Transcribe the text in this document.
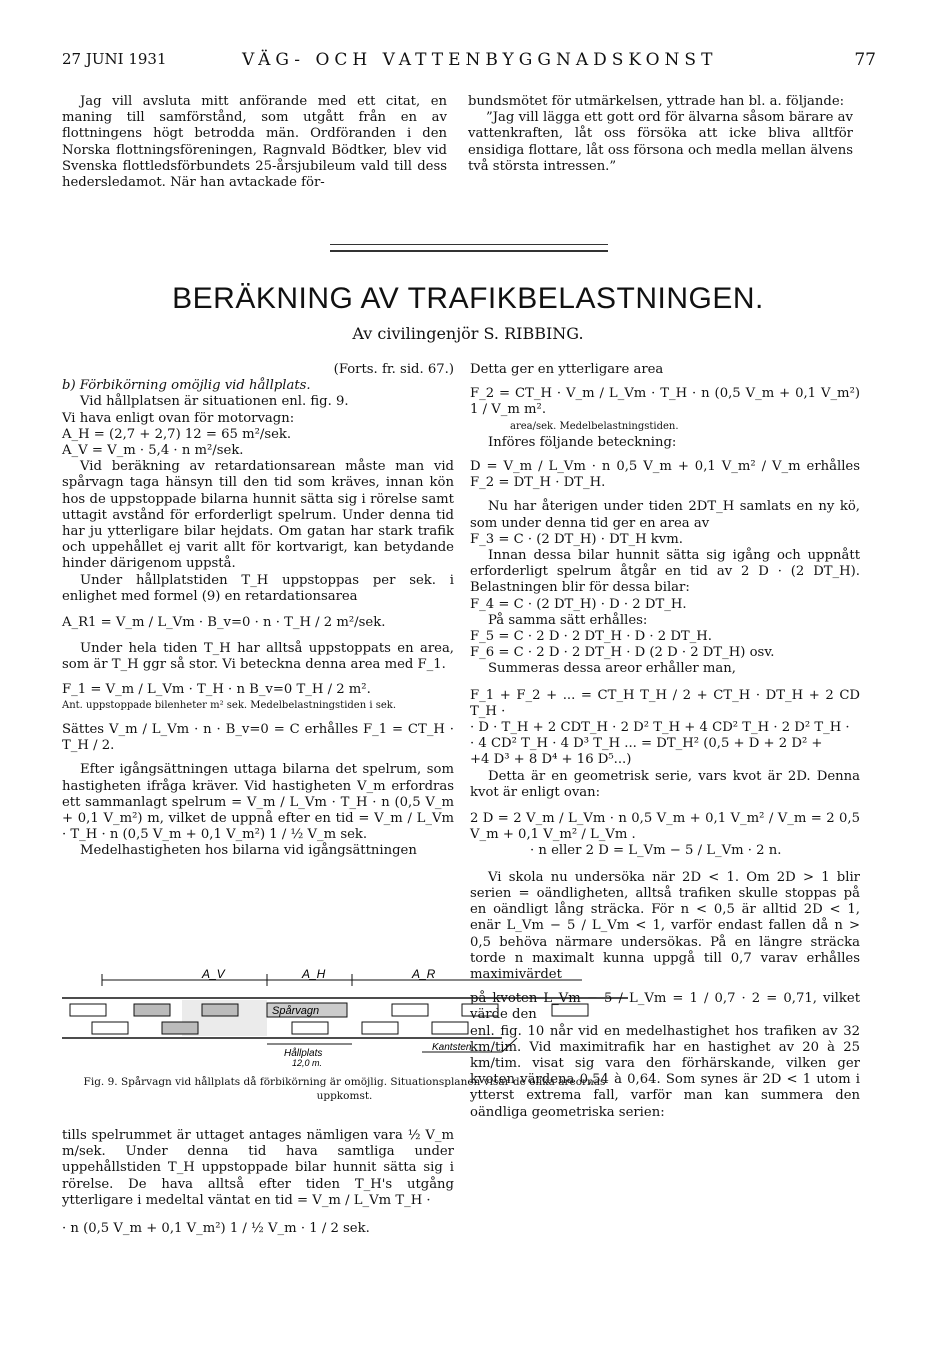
27 JUNI 1931	VÄG- OCH VATTENBYGGNADSKONST	77

Jag vill avsluta mitt anförande med ett citat, en maning till samförstånd, som utgått från en av flottningens högt betrodda män. Ordföranden i den Norska flottningsföreningen, Ragnvald Bödtker, blev vid Svenska flottledsförbundets 25-årsjubileum vald till dess hedersledamot. När han avtackade för-

bundsmötet för utmärkelsen, yttrade han bl. a. följande:

”Jag vill lägga ett gott ord för älvarna såsom bärare av vattenkraften, låt oss försöka att icke bliva alltför ensidiga flottare, låt oss försona och medla mellan älvens två största intressen.”

BERÄKNING AV TRAFIKBELASTNINGEN.
Av civilingenjör S. RIBBING.

(Forts. fr. sid. 67.)

b) Förbikörning omöjlig vid hållplats.

Vid hållplatsen är situationen enl. fig. 9.

Vi hava enligt ovan för motorvagn:

A_H = (2,7 + 2,7) 12 = 65 m²/sek.

A_V = V_m · 5,4 · n m²/sek.

Vid beräkning av retardationsarean måste man vid spårvagn taga hänsyn till den tid som kräves, innan kön hos de uppstoppade bilarna hunnit sätta sig i rörelse samt uttagit avstånd för erforderligt spelrum. Under denna tid har ju ytterligare bilar hejdats. Om gatan har stark trafik och uppehållet ej varit allt för kortvarigt, kan betydande hinder därigenom uppstå.

Under hållplatstiden T_H uppstoppas per sek. i enlighet med formel (9) en retardationsarea

A_R1 = V_m / L_Vm · B_v=0 · n · T_H / 2 m²/sek.

Under hela tiden T_H har alltså uppstoppats en area, som är T_H ggr så stor. Vi beteckna denna area med F_1.

F_1 = V_m / L_Vm · T_H · n B_v=0 T_H / 2 m².

Ant. uppstoppade bilenheter m² sek. Medelbelastningstiden i sek.

Sättes V_m / L_Vm · n · B_v=0 = C erhålles F_1 = CT_H · T_H / 2.

Efter igångsättningen uttaga bilarna det spelrum, som hastigheten ifråga kräver. Vid hastigheten V_m erfordras ett sammanlagt spelrum = V_m / L_Vm · T_H · n (0,5 V_m + 0,1 V_m²) m, vilket de uppnå efter en tid = V_m / L_Vm · T_H · n (0,5 V_m + 0,1 V_m²) 1 / ½ V_m sek.

Medelhastigheten hos bilarna vid igångsättningen

A_V	A_H	A_R
Spårvagn
Hållplats
12,0 m.
Kantsten
Fig. 9. Spårvagn vid hållplats då förbikörning är omöjlig. Situationsplanen visar de olika areornas uppkomst.

tills spelrummet är uttaget antages nämligen vara ½ V_m m/sek. Under denna tid hava samtliga under uppehållstiden T_H uppstoppade bilar hunnit sätta sig i rörelse. De hava alltså efter tiden T_H's utgång ytterligare i medeltal väntat en tid = V_m / L_Vm T_H ·

· n (0,5 V_m + 0,1 V_m²) 1 / ½ V_m · 1 / 2 sek.

Detta ger en ytterligare area

F_2 = CT_H · V_m / L_Vm · T_H · n (0,5 V_m + 0,1 V_m²) 1 / V_m m².

area/sek. Medelbelastningstiden.

Införes följande beteckning:

D = V_m / L_Vm · n 0,5 V_m + 0,1 V_m² / V_m erhålles F_2 = DT_H · DT_H.

Nu har återigen under tiden 2DT_H samlats en ny kö, som under denna tid ger en area av

F_3 = C · (2 DT_H) · DT_H kvm.

Innan dessa bilar hunnit sätta sig igång och uppnått erforderligt spelrum åtgår en tid av 2 D · (2 DT_H). Belastningen blir för dessa bilar:

F_4 = C · (2 DT_H) · D · 2 DT_H.

På samma sätt erhålles:

F_5 = C · 2 D · 2 DT_H · D · 2 DT_H.

F_6 = C · 2 D · 2 DT_H · D (2 D · 2 DT_H) osv.

Summeras dessa areor erhåller man,

F_1 + F_2 + ... = CT_H T_H / 2 + CT_H · DT_H + 2 CD T_H ·

· D · T_H + 2 CDT_H · 2 D² T_H + 4 CD² T_H · 2 D² T_H ·

· 4 CD² T_H · 4 D³ T_H ... = DT_H² (0,5 + D + 2 D² +

+4 D³ + 8 D⁴ + 16 D⁵...)

Detta är en geometrisk serie, vars kvot är 2D. Denna kvot är enligt ovan:

2 D = 2 V_m / L_Vm · n 0,5 V_m + 0,1 V_m² / V_m = 2 0,5 V_m + 0,1 V_m² / L_Vm .

· n eller 2 D = L_Vm − 5 / L_Vm · 2 n.

Vi skola nu undersöka när 2D < 1. Om 2D > 1 blir serien = oändligheten, alltså trafiken skulle stoppas på en oändligt lång sträcka. För n < 0,5 är alltid 2D < 1, enär L_Vm − 5 / L_Vm < 1, varför endast fallen då n > 0,5 behöva närmare undersökas. På en längre sträcka torde n maximalt kunna uppgå till 0,7 varav erhålles maximivärdet

på kvoten L_Vm − 5 / L_Vm = 1 / 0,7 · 2 = 0,71, vilket värde den

enl. fig. 10 når vid en medelhastighet hos trafiken av 32 km/tim. Vid maximitrafik har en hastighet av 20 à 25 km/tim. visat sig vara den förhärskande, vilken ger kvoten värdena 0,54 à 0,64. Som synes är 2D < 1 utom i ytterst extrema fall, varför man kan summera den oändliga geometriska serien:
